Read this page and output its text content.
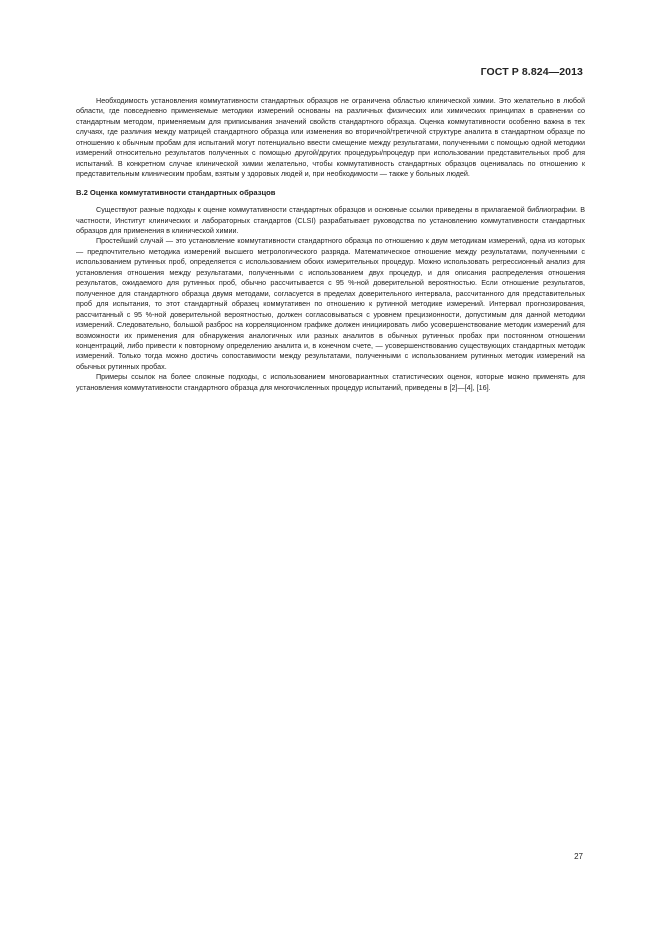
ГОСТ Р 8.824—2013

Необходимость установления коммутативности стандартных образцов не ограничена областью клинической химии. Это желательно в любой области, где повседневно применяемые методики измерений основаны на различных физических или химических принципах в сравнении со стандартным методом, применяемым для приписывания значений свойств стандартного образца. Оценка коммутативности особенно важна в тех случаях, где различия между матрицей стандартного образца или изменения во вторичной/третичной структуре аналита в стандартном образце по отношению к обычным пробам для испытаний могут потенциально ввести смещение между результатами, полученными с помощью одной методики измерений относительно результатов полученных с помощью другой/других процедуры/процедур при использовании представительных проб для испытаний. В конкретном случае клинической химии желательно, чтобы коммутативность стандартных образцов оценивалась по отношению к представительным клиническим пробам, взятым у здоровых людей и, при необходимости — также у больных людей.

В.2 Оценка коммутативности стандартных образцов

Существуют разные подходы к оценке коммутативности стандартных образцов и основные ссылки приведены в прилагаемой библиографии. В частности, Институт клинических и лабораторных стандартов (CLSI) разрабатывает руководства по установлению коммутативности стандартных образцов для применения в клинической химии.

Простейший случай — это установление коммутативности стандартного образца по отношению к двум методикам измерений, одна из которых — предпочтительно методика измерений высшего метрологического разряда. Математическое отношение между результатами, полученными с использованием рутинных проб, определяется с использованием обоих измерительных процедур. Можно использовать регрессионный анализ для установления отношения между результатами, полученными с использованием двух процедур, и для описания распределения отношения результатов, ожидаемого для рутинных проб, обычно рассчитывается с 95 %-ной доверительной вероятностью. Если отношение результатов, полученное для стандартного образца двумя методами, согласуется в пределах доверительного интервала, рассчитанного для представительных проб для испытания, то этот стандартный образец коммутативен по отношению к рутинной методике измерений. Интервал прогнозирования, рассчитанный с 95 %-ной доверительной вероятностью, должен согласовываться с уровнем прецизионности, допустимым для данной методики измерений. Следовательно, большой разброс на корреляционном графике должен инициировать либо усовершенствование методик измерений для возможности их применения для обнаружения аналогичных или разных аналитов в обычных рутинных пробах при постоянном отношении концентраций, либо привести к повторному определению аналита и, в конечном счете, — усовершенствованию существующих стандартных методик измерений. Только тогда можно достичь сопоставимости между результатами, полученными с использованием рутинных методик измерений на обычных рутинных пробах.

Примеры ссылок на более сложные подходы, с использованием многовариантных статистических оценок, которые можно применять для установления коммутативности стандартного образца для многочисленных процедур испытаний, приведены в [2]—[4], [16].

27
